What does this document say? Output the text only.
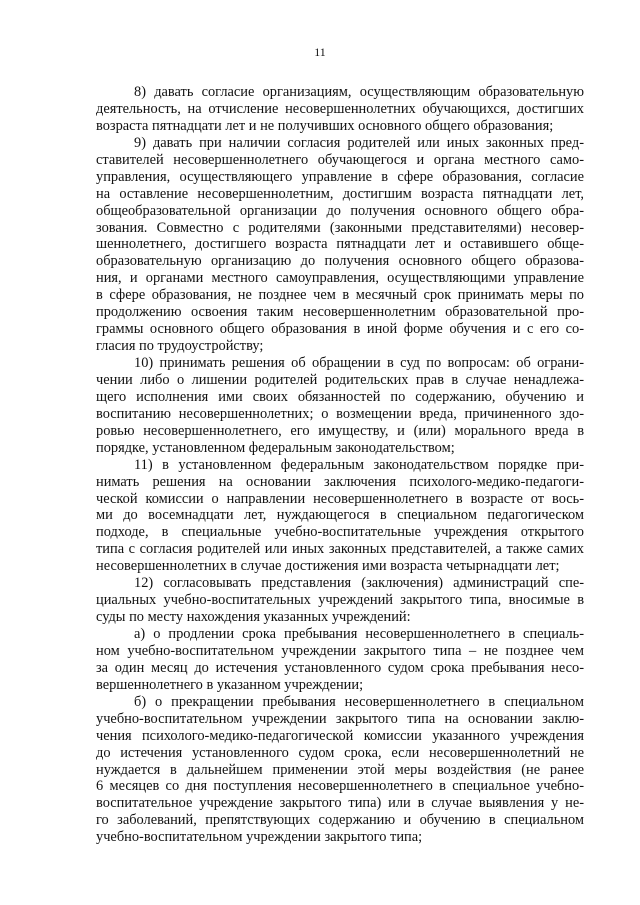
11
8) давать согласие организациям, осуществляющим образовательную
деятельность, на отчисление несовершеннолетних обучающихся, достигших
возраста пятнадцати лет и не получивших основного общего образования;
9) давать при наличии согласия родителей или иных законных пред-
ставителей несовершеннолетнего обучающегося и органа местного само-
управления, осуществляющего управление в сфере образования, согласие
на оставление несовершеннолетним, достигшим возраста пятнадцати лет,
общеобразовательной организации до получения основного общего обра-
зования. Совместно с родителями (законными представителями) несовер-
шеннолетнего, достигшего возраста пятнадцати лет и оставившего обще-
образовательную организацию до получения основного общего образова-
ния, и органами местного самоуправления, осуществляющими управление
в сфере образования, не позднее чем в месячный срок принимать меры по
продолжению освоения таким несовершеннолетним образовательной про-
граммы основного общего образования в иной форме обучения и с его со-
гласия по трудоустройству;
10) принимать решения об обращении в суд по вопросам: об ограни-
чении либо о лишении родителей родительских прав в случае ненадлежа-
щего исполнения ими своих обязанностей по содержанию, обучению и
воспитанию несовершеннолетних; о возмещении вреда, причиненного здо-
ровью несовершеннолетнего, его имуществу, и (или) морального вреда в
порядке, установленном федеральным законодательством;
11) в установленном федеральным законодательством порядке при-
нимать решения на основании заключения психолого-медико-педагоги-
ческой комиссии о направлении несовершеннолетнего в возрасте от вось-
ми до восемнадцати лет, нуждающегося в специальном педагогическом
подходе, в специальные учебно-воспитательные учреждения открытого
типа с согласия родителей или иных законных представителей, а также самих
несовершеннолетних в случае достижения ими возраста четырнадцати лет;
12) согласовывать представления (заключения) администраций спе-
циальных учебно-воспитательных учреждений закрытого типа, вносимые в
суды по месту нахождения указанных учреждений:
а) о продлении срока пребывания несовершеннолетнего в специаль-
ном учебно-воспитательном учреждении закрытого типа – не позднее чем
за один месяц до истечения установленного судом срока пребывания несо-
вершеннолетнего в указанном учреждении;
б) о прекращении пребывания несовершеннолетнего в специальном
учебно-воспитательном учреждении закрытого типа на основании заклю-
чения психолого-медико-педагогической комиссии указанного учреждения
до истечения установленного судом срока, если несовершеннолетний не
нуждается в дальнейшем применении этой меры воздействия (не ранее
6 месяцев со дня поступления несовершеннолетнего в специальное учебно-
воспитательное учреждение закрытого типа) или в случае выявления у не-
го заболеваний, препятствующих содержанию и обучению в специальном
учебно-воспитательном учреждении закрытого типа;
